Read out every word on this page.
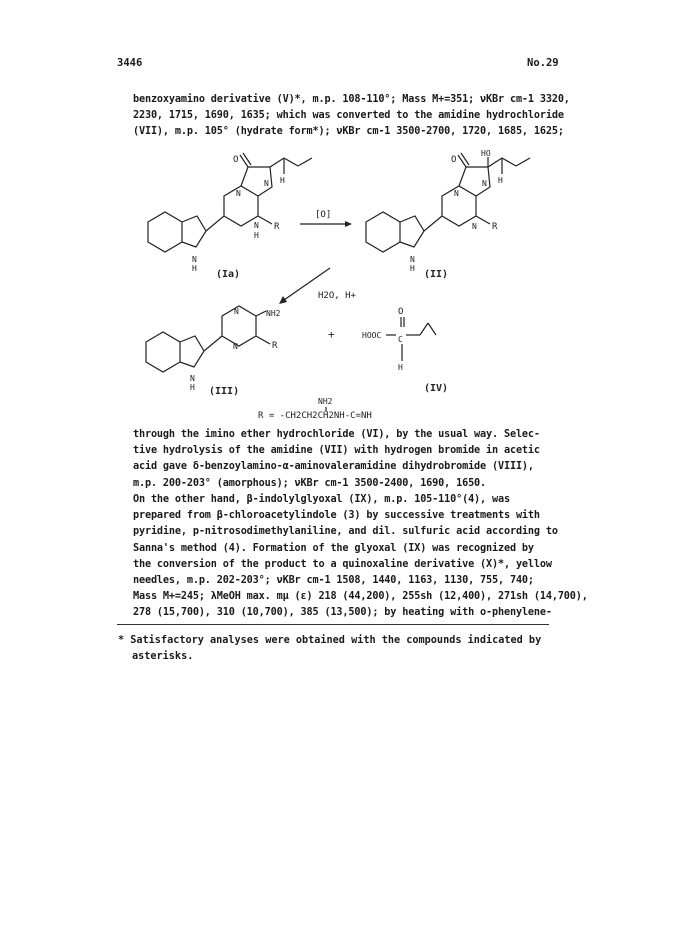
3446	No.29
benzoxyamino derivative (V)*, m.p. 108-110°; Mass M+=351; νKBr cm-1 3320,
2230, 1715, 1690, 1635; which was converted to the amidine hydrochloride
(VII), m.p. 105° (hydrate form*); νKBr cm-1 3500-2700, 1720, 1685, 1625;
O
N
N
N
H
H
R
N
H
(Ia)
[O]
O
HO
N
N
N
H
R
N
H
(II)
H2O, H+
N
N
NH2
R
N
H (III)
+	HOOC C
O
H
(IV)
NH2
R = -CH2CH2CH2NH-C=NH
through the imino ether hydrochloride (VI), by the usual way. Selec-
tive hydrolysis of the amidine (VII) with hydrogen bromide in acetic
acid gave δ-benzoylamino-α-aminovaleramidine dihydrobromide (VIII),
m.p. 200-203° (amorphous); νKBr cm-1 3500-2400, 1690, 1650.
On the other hand, β-indolylglyoxal (IX), m.p. 105-110°(4), was
prepared from β-chloroacetylindole (3) by successive treatments with
pyridine, p-nitrosodimethylaniline, and dil. sulfuric acid according to
Sanna's method (4). Formation of the glyoxal (IX) was recognized by
the conversion of the product to a quinoxaline derivative (X)*, yellow
needles, m.p. 202-203°; νKBr cm-1 1508, 1440, 1163, 1130, 755, 740;
Mass M+=245; λMeOH max. mμ (ε) 218 (44,200), 255sh (12,400), 271sh (14,700),
278 (15,700), 310 (10,700), 385 (13,500); by heating with o-phenylene-
* Satisfactory analyses were obtained with the compounds indicated by
asterisks.
